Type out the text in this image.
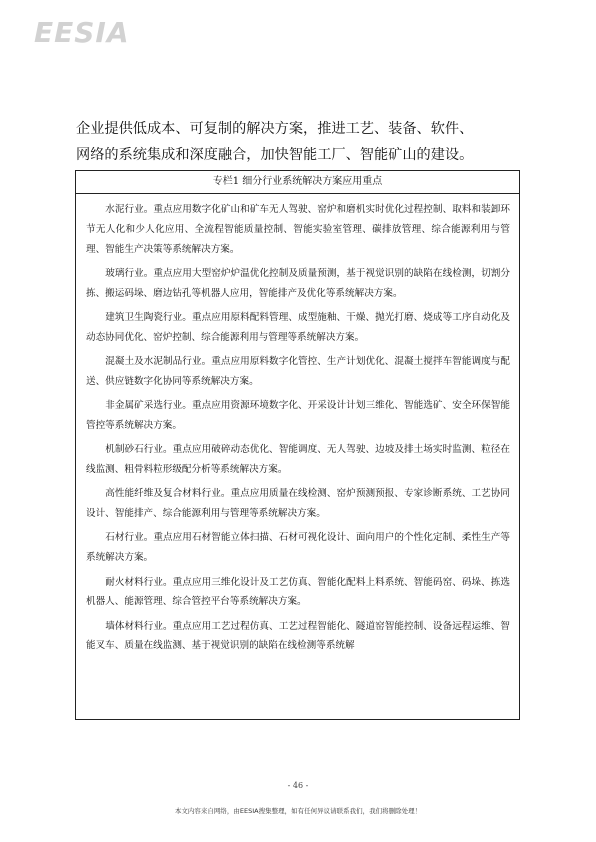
EESIA

企业提供低成本、可复制的解决方案，推进工艺、装备、软件、

网络的系统集成和深度融合，加快智能工厂、智能矿山的建设。

专栏1 细分行业系统解决方案应用重点

水泥行业。重点应用数字化矿山和矿车无人驾驶、窑炉和磨机实时优化过程控制、取料和装卸环节无人化和少人化应用、全流程智能质量控制、智能实验室管理、碳排放管理、综合能源利用与管理、智能生产决策等系统解决方案。

玻璃行业。重点应用大型窑炉炉温优化控制及质量预测，基于视觉识别的缺陷在线检测，切割分拣、搬运码垛、磨边钻孔等机器人应用，智能排产及优化等系统解决方案。

建筑卫生陶瓷行业。重点应用原料配料管理、成型施釉、干燥、抛光打磨、烧成等工序自动化及动态协同优化、窑炉控制、综合能源利用与管理等系统解决方案。

混凝土及水泥制品行业。重点应用原料数字化管控、生产计划优化、混凝土搅拌车智能调度与配送、供应链数字化协同等系统解决方案。

非金属矿采选行业。重点应用资源环境数字化、开采设计计划三维化、智能选矿、安全环保智能管控等系统解决方案。

机制砂石行业。重点应用破碎动态优化、智能调度、无人驾驶、边坡及排土场实时监测、粒径在线监测、粗骨料粒形级配分析等系统解决方案。

高性能纤维及复合材料行业。重点应用质量在线检测、窑炉预测预报、专家诊断系统、工艺协同设计、智能排产、综合能源利用与管理等系统解决方案。

石材行业。重点应用石材智能立体扫描、石材可视化设计、面向用户的个性化定制、柔性生产等系统解决方案。

耐火材料行业。重点应用三维化设计及工艺仿真、智能化配料上料系统、智能码窑、码垛、拣选机器人、能源管理、综合管控平台等系统解决方案。

墙体材料行业。重点应用工艺过程仿真、工艺过程智能化、隧道窑智能控制、设备远程运维、智能叉车、质量在线监测、基于视觉识别的缺陷在线检测等系统解

- 46 -
本文内容来自网络，由EESIA搜集整理，如有任何异议请联系我们，我们将删除处理！
